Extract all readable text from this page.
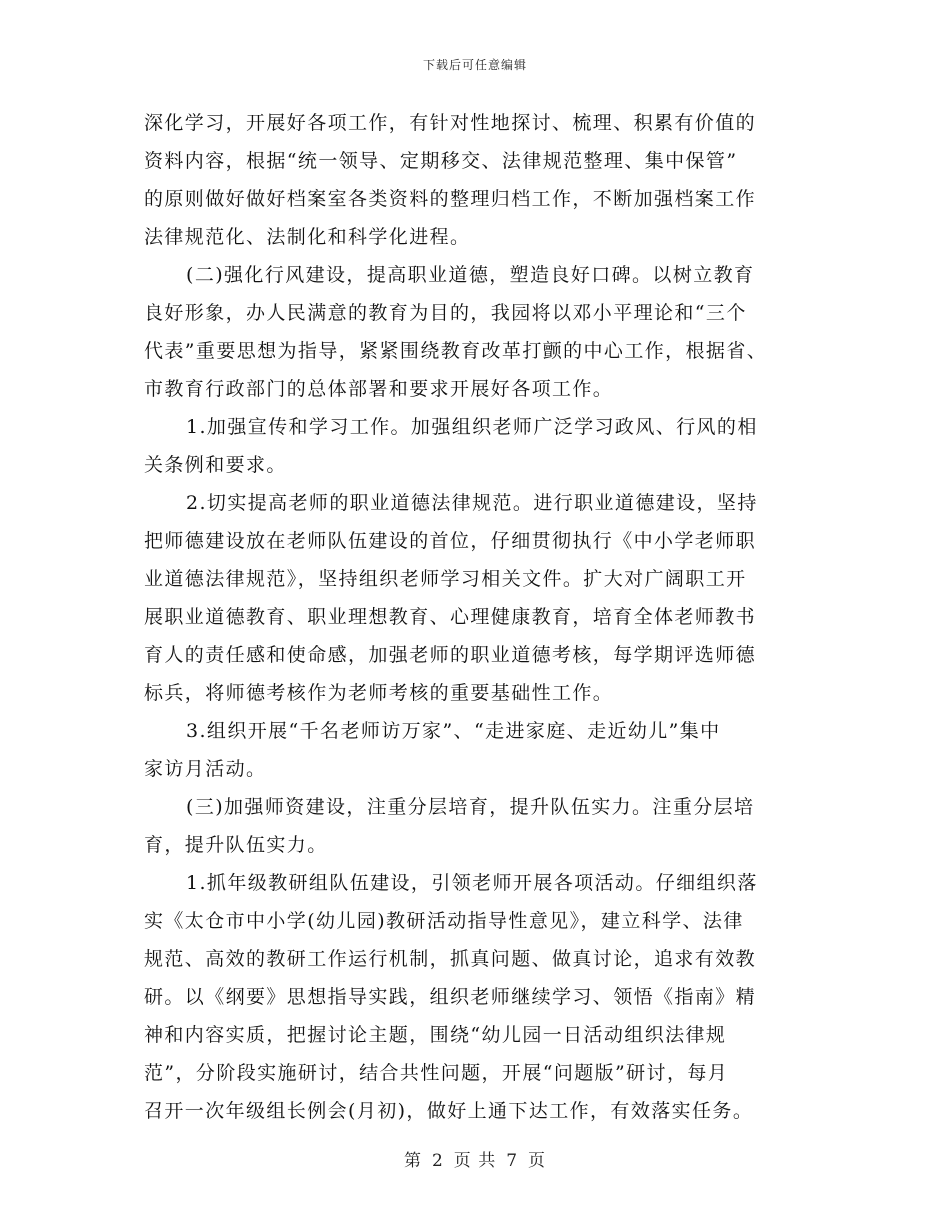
下载后可任意编辑
深化学习，开展好各项工作，有针对性地探讨、梳理、积累有价值的
资料内容，根据“统一领导、定期移交、法律规范整理、集中保管”
的原则做好做好档案室各类资料的整理归档工作，不断加强档案工作
法律规范化、法制化和科学化进程。
(二)强化行风建设，提高职业道德，塑造良好口碑。以树立教育
良好形象，办人民满意的教育为目的，我园将以邓小平理论和“三个
代表”重要思想为指导，紧紧围绕教育改革打颤的中心工作，根据省、
市教育行政部门的总体部署和要求开展好各项工作。
1.加强宣传和学习工作。加强组织老师广泛学习政风、行风的相
关条例和要求。
2.切实提高老师的职业道德法律规范。进行职业道德建设，坚持
把师德建设放在老师队伍建设的首位，仔细贯彻执行《中小学老师职
业道德法律规范》，坚持组织老师学习相关文件。扩大对广阔职工开
展职业道德教育、职业理想教育、心理健康教育，培育全体老师教书
育人的责任感和使命感，加强老师的职业道德考核，每学期评选师德
标兵，将师德考核作为老师考核的重要基础性工作。
3.组织开展“千名老师访万家”、“走进家庭、走近幼儿”集中
家访月活动。
(三)加强师资建设，注重分层培育，提升队伍实力。注重分层培
育，提升队伍实力。
1.抓年级教研组队伍建设，引领老师开展各项活动。仔细组织落
实《太仓市中小学(幼儿园)教研活动指导性意见》，建立科学、法律
规范、高效的教研工作运行机制，抓真问题、做真讨论，追求有效教
研。以《纲要》思想指导实践，组织老师继续学习、领悟《指南》精
神和内容实质，把握讨论主题，围绕“幼儿园一日活动组织法律规
范”，分阶段实施研讨，结合共性问题，开展“问题版”研讨，每月
召开一次年级组长例会(月初)，做好上通下达工作，有效落实任务。
第 2 页 共 7 页
